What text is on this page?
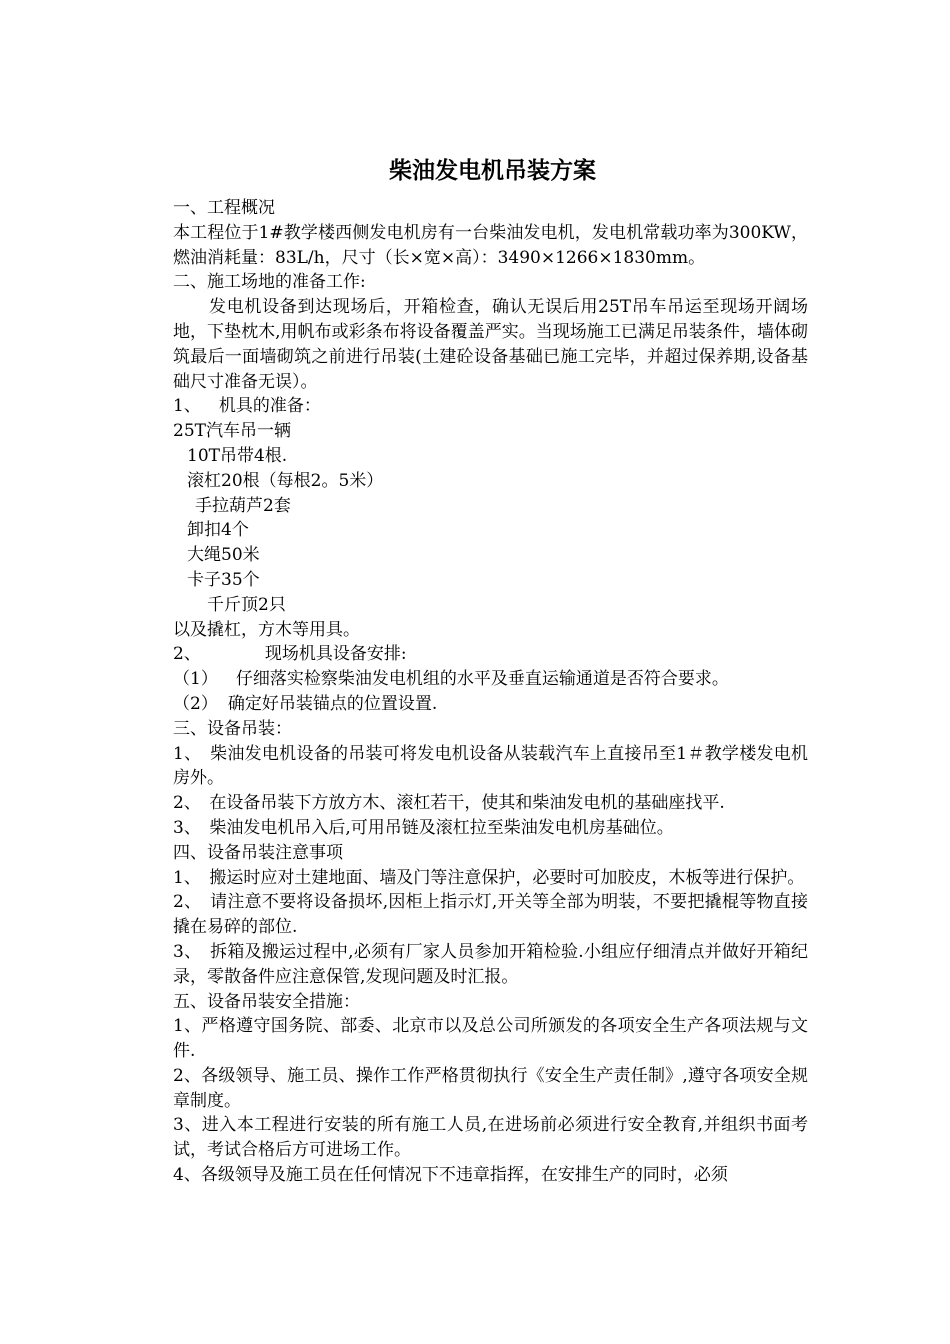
柴油发电机吊装方案
一、工程概况
本工程位于1#教学楼西侧发电机房有一台柴油发电机，发电机常载功率为300KW，燃油消耗量：83L/h，尺寸（长×宽×高）：3490×1266×1830mm。
二、施工场地的准备工作:
发电机设备到达现场后，开箱检查，确认无误后用25T吊车吊运至现场开阔场地，下垫枕木,用帆布或彩条布将设备覆盖严实。当现场施工已满足吊装条件，墙体砌筑最后一面墙砌筑之前进行吊装(土建砼设备基础已施工完毕，并超过保养期,设备基础尺寸准备无误）。
1、 机具的准备：
25T汽车吊一辆
10T吊带4根.
滚杠20根（每根2。5米）
手拉葫芦2套
卸扣4个
大绳50米
卡子35个
千斤顶2只
以及撬杠，方木等用具。
2、	现场机具设备安排:
（1） 仔细落实检察柴油发电机组的水平及垂直运输通道是否符合要求。
（2） 确定好吊装锚点的位置设置.
三、设备吊装：
1、　柴油发电机设备的吊装可将发电机设备从装载汽车上直接吊至1＃教学楼发电机房外。
2、　在设备吊装下方放方木、滚杠若干，使其和柴油发电机的基础座找平.
3、　柴油发电机吊入后,可用吊链及滚杠拉至柴油发电机房基础位。
四、设备吊装注意事项
1、　搬运时应对土建地面、墙及门等注意保护，必要时可加胶皮，木板等进行保护。
2、　请注意不要将设备损坏,因柜上指示灯,开关等全部为明装，不要把撬棍等物直接撬在易碎的部位.
3、　拆箱及搬运过程中,必须有厂家人员参加开箱检验.小组应仔细清点并做好开箱纪录，零散备件应注意保管,发现问题及时汇报。
五、设备吊装安全措施：
1、严格遵守国务院、部委、北京市以及总公司所颁发的各项安全生产各项法规与文件.
2、各级领导、施工员、操作工作严格贯彻执行《安全生产责任制》,遵守各项安全规章制度。
3、进入本工程进行安装的所有施工人员,在进场前必须进行安全教育,并组织书面考试，考试合格后方可进场工作。
4、各级领导及施工员在任何情况下不违章指挥，在安排生产的同时，必须
